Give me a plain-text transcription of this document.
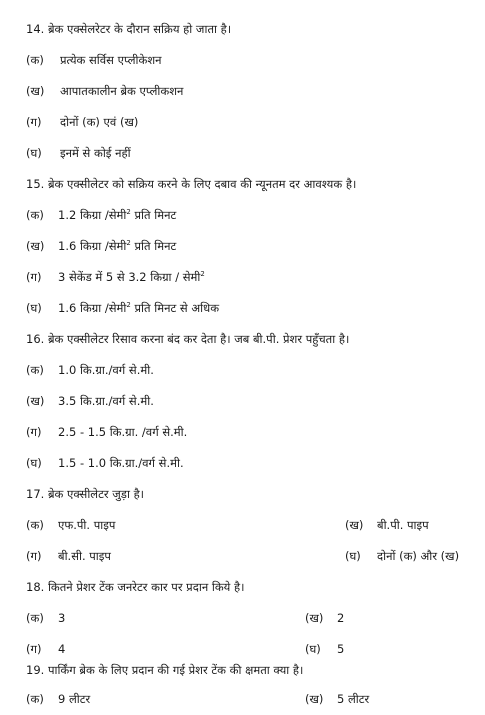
14. ब्रेक एक्सेलरेटर के दौरान सक्रिय हो जाता है।
(क) प्रत्येक सर्विस एप्लीकेशन
(ख) आपातकालीन ब्रेक एप्लीकशन
(ग) दोनों (क) एवं (ख)
(घ) इनमें से कोई नहीं
15. ब्रेक एक्सीलेटर को सक्रिय करने के लिए दबाव की न्यूनतम दर आवश्यक है।
(क) 1.2 किग्रा /सेमी$^2$ प्रति मिनट
(ख) 1.6 किग्रा /सेमी$^2$ प्रति मिनट
(ग) 3 सेकेंड में 5 से 3.2 किग्रा / सेमी$^2$
(घ) 1.6 किग्रा /सेमी$^2$ प्रति मिनट से अधिक
16. ब्रेक एक्सीलेटर रिसाव करना बंद कर देता है। जब बी.पी. प्रेशर पहुँचता है।
(क) 1.0 कि.ग्रा./वर्ग से.मी.
(ख) 3.5 कि.ग्रा./वर्ग से.मी.
(ग) 2.5 - 1.5 कि.ग्रा. /वर्ग से.मी.
(घ) 1.5 - 1.0 कि.ग्रा./वर्ग से.मी.
17. ब्रेक एक्सीलेटर जुड़ा है।
(क) एफ.पी. पाइप	(ख) बी.पी. पाइप
(ग) बी.सी. पाइप	(घ) दोनों (क) और (ख)
18. कितने प्रेशर टेंक जनरेटर कार पर प्रदान किये है।
(क) 3	(ख) 2
(ग) 4	(घ) 5
19. पार्किंग ब्रेक के लिए प्रदान की गई प्रेशर टेंक की क्षमता क्या है।
(क) 9 लीटर	(ख) 5 लीटर
